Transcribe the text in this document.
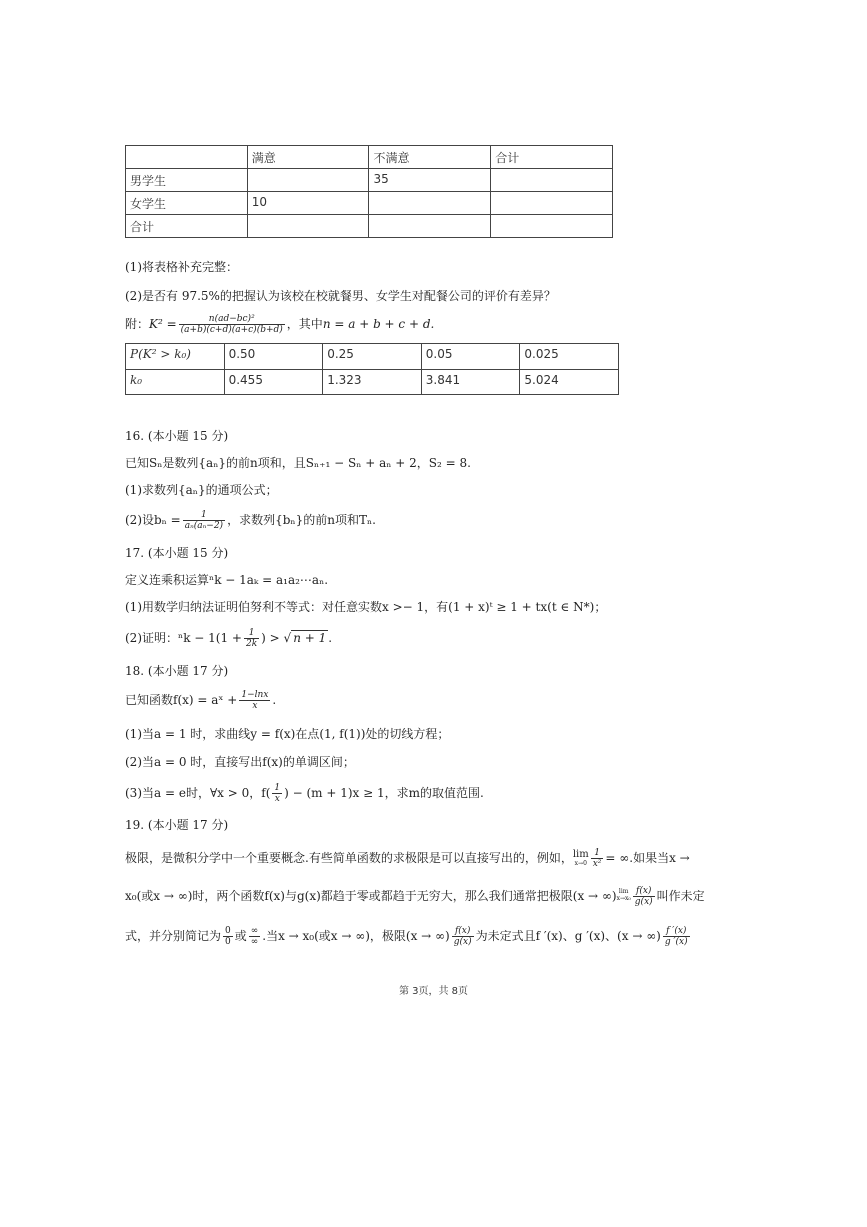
	满意	不满意	合计
男学生		35	
女学生	10		
合计			
(1)将表格补充完整：
(2)是否有 97.5%的把握认为该校在校就餐男、女学生对配餐公司的评价有差异？
附：$K^2 = \frac{\text{n(ad−bc)²}}{(a+b)(c+d)(a+c)(b+d)}$ ，其中n = a + b + c + d.
P(K² > k₀)	0.50	0.25	0.05	0.025
k₀	0.455	1.323	3.841	5.024
16. (本小题 15 分)
已知Sₙ是数列{aₙ}的前n项和，且Sₙ₊₁ − Sₙ + aₙ + 2，S₂ = 8.
(1)求数列{aₙ}的通项公式；
(2)设$b_n = \frac{1}{\text{aₙ(aₙ−2)}}$ ，求数列{bₙ}的前n项和Tₙ.
17. (本小题 15 分)
定义连乘积运算ⁿk − 1aₖ = a₁a₂⋯aₙ.
(1)用数学归纳法证明伯努利不等式：对任意实数x >− 1，有(1 + x)ᵗ ≥ 1 + tx(t ∈ N*)；
(2)证明：$^nk - 1(1 + \frac{1}{2k}$ ) > √ n + 1 .
18. (本小题 17 分)
已知函数f(x) = aˣ + $\frac{1-\ln x}{x}$ .
(1)当a = 1 时，求曲线y = f(x)在点(1, f(1))处的切线方程；
(2)当a = 0 时，直接写出f(x)的单调区间；
(3)当a = e时，∀x > 0，$f( \frac{1}{x}$ ) − (m + 1)x ≥ 1，求m的取值范围.
19. (本小题 17 分)
极限，是微积分学中一个重要概念.有些简单函数的求极限是可以直接写出的，例如，lim
$x\to 0 \frac{1}{\text{x²}}$ = ∞.如果当x →
x₀(或x → ∞)时，两个函数f(x)与g(x)都趋于零或都趋于无穷大，那么我们通常把极限(x → ∞) lim
$x\to x_0 \frac{f(x)}{g(x)}$ 叫作未定
式，并分别简记为 $\frac{0}{0}$ 或 $\frac{\infty}{\infty}$ .当x → x₀(或x → ∞)，极限(x → ∞) $\frac{f(x)}{g(x)}$ 为未定式且f ′(x)、g ′(x)、(x → ∞) $\frac{f '(x)}{g '(x)}$
第 3页，共 8页
